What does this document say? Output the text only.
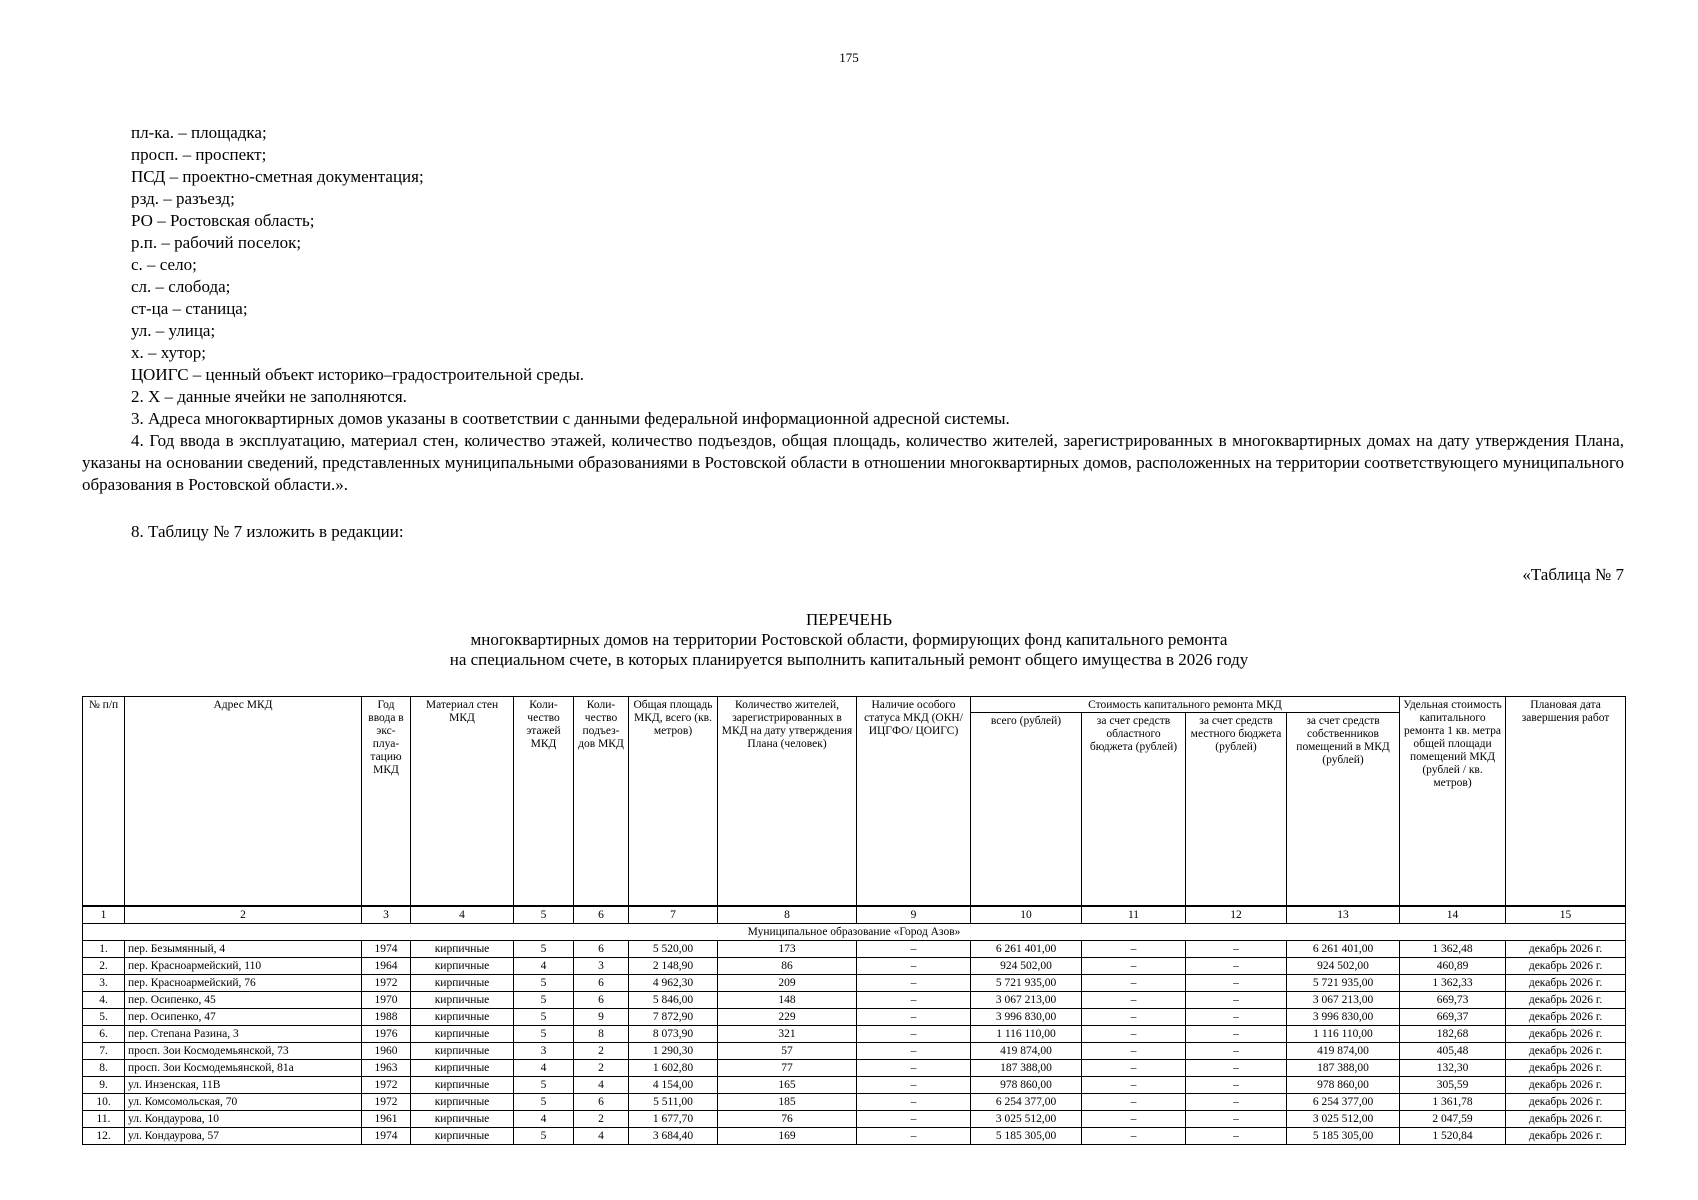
175
пл-ка. – площадка;
просп. – проспект;
ПСД – проектно-сметная документация;
рзд. – разъезд;
РО – Ростовская область;
р.п. – рабочий поселок;
с. – село;
сл. – слобода;
ст-ца – станица;
ул. – улица;
х. – хутор;
ЦОИГС – ценный объект историко–градостроительной среды.

2. Х – данные ячейки не заполняются.

3. Адреса многоквартирных домов указаны в соответствии с данными федеральной информационной адресной системы.

4. Год ввода в эксплуатацию, материал стен, количество этажей, количество подъездов, общая площадь, количество жителей, зарегистрированных в многоквартирных домах на дату утверждения Плана, указаны на основании сведений, представленных муниципальными образованиями в Ростовской области в отношении многоквартирных домов, расположенных на территории соответствующего муниципального образования в Ростовской области.».

8. Таблицу № 7 изложить в редакции:
«Таблица № 7
ПЕРЕЧЕНЬ
многоквартирных домов на территории Ростовской области, формирующих фонд капитального ремонта
на специальном счете, в которых планируется выполнить капитальный ремонт общего имущества в 2026 году
№ п/п	Адрес МКД	Год ввода в экс-плуа-тацию МКД	Материал стен МКД	Коли-чество этажей МКД	Коли-чество подъез-дов МКД	Общая площадь МКД, всего (кв. метров)	Количество жителей, зарегистрированных в МКД на дату утверждения Плана (человек)	Наличие особого статуса МКД (ОКН/ИЦГФО/ ЦОИГС)	Стоимость капитального ремонта МКД				Удельная стоимость капитального ремонта 1 кв. метра общей площади помещений МКД (рублей / кв. метров)	Плановая дата завершения работ
									всего (рублей)	за счет средств областного бюджета (рублей)	за счет средств местного бюджета (рублей)	за счет средств собственников помещений в МКД (рублей)		
1	2	3	4	5	6	7	8	9	10	11	12	13	14	15
Муниципальное образование «Город Азов»														
1.	пер. Безымянный, 4	1974	кирпичные	5	6	5 520,00	173	–	6 261 401,00	–	–	6 261 401,00	1 362,48	декабрь 2026 г.
2.	пер. Красноармейский, 110	1964	кирпичные	4	3	2 148,90	86	–	924 502,00	–	–	924 502,00	460,89	декабрь 2026 г.
3.	пер. Красноармейский, 76	1972	кирпичные	5	6	4 962,30	209	–	5 721 935,00	–	–	5 721 935,00	1 362,33	декабрь 2026 г.
4.	пер. Осипенко, 45	1970	кирпичные	5	6	5 846,00	148	–	3 067 213,00	–	–	3 067 213,00	669,73	декабрь 2026 г.
5.	пер. Осипенко, 47	1988	кирпичные	5	9	7 872,90	229	–	3 996 830,00	–	–	3 996 830,00	669,37	декабрь 2026 г.
6.	пер. Степана Разина, 3	1976	кирпичные	5	8	8 073,90	321	–	1 116 110,00	–	–	1 116 110,00	182,68	декабрь 2026 г.
7.	просп. Зои Космодемьянской, 73	1960	кирпичные	3	2	1 290,30	57	–	419 874,00	–	–	419 874,00	405,48	декабрь 2026 г.
8.	просп. Зои Космодемьянской, 81а	1963	кирпичные	4	2	1 602,80	77	–	187 388,00	–	–	187 388,00	132,30	декабрь 2026 г.
9.	ул. Инзенская, 11В	1972	кирпичные	5	4	4 154,00	165	–	978 860,00	–	–	978 860,00	305,59	декабрь 2026 г.
10.	ул. Комсомольская, 70	1972	кирпичные	5	6	5 511,00	185	–	6 254 377,00	–	–	6 254 377,00	1 361,78	декабрь 2026 г.
11.	ул. Кондаурова, 10	1961	кирпичные	4	2	1 677,70	76	–	3 025 512,00	–	–	3 025 512,00	2 047,59	декабрь 2026 г.
12.	ул. Кондаурова, 57	1974	кирпичные	5	4	3 684,40	169	–	5 185 305,00	–	–	5 185 305,00	1 520,84	декабрь 2026 г.
